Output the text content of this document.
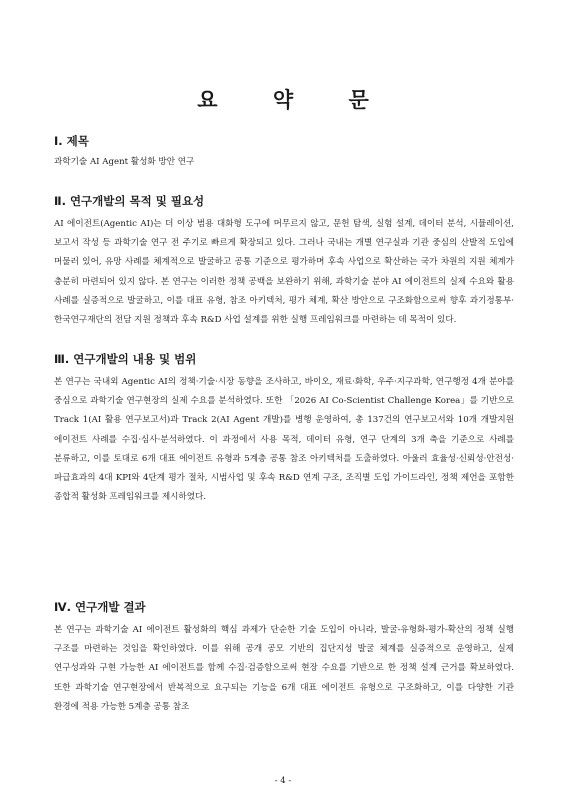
요 약 문

Ⅰ. 제목

과학기술 AI Agent 활성화 방안 연구

Ⅱ. 연구개발의 목적 및 필요성

AI 에이전트(Agentic AI)는 더 이상 범용 대화형 도구에 머무르지 않고, 문헌 탐색, 실험 설계, 데이터 분석, 시뮬레이션, 보고서 작성 등 과학기술 연구 전 주기로 빠르게 확장되고 있다. 그러나 국내는 개별 연구실과 기관 중심의 산발적 도입에 머물러 있어, 유망 사례를 체계적으로 발굴하고 공통 기준으로 평가하며 후속 사업으로 확산하는 국가 차원의 지원 체계가 충분히 마련되어 있지 않다. 본 연구는 이러한 정책 공백을 보완하기 위해, 과학기술 분야 AI 에이전트의 실제 수요와 활용 사례를 실증적으로 발굴하고, 이를 대표 유형, 참조 아키텍처, 평가 체계, 확산 방안으로 구조화함으로써 향후 과기정통부·한국연구재단의 전담 지원 정책과 후속 R&D 사업 설계를 위한 실행 프레임워크를 마련하는 데 목적이 있다.

Ⅲ. 연구개발의 내용 및 범위

본 연구는 국내외 Agentic AI의 정책·기술·시장 동향을 조사하고, 바이오, 재료·화학, 우주·지구과학, 연구행정 4개 분야를 중심으로 과학기술 연구현장의 실제 수요를 분석하였다. 또한 「2026 AI Co-Scientist Challenge Korea」를 기반으로 Track 1(AI 활용 연구보고서)과 Track 2(AI Agent 개발)를 병행 운영하여, 총 137건의 연구보고서와 10개 개발지원 에이전트 사례를 수집·심사·분석하였다. 이 과정에서 사용 목적, 데이터 유형, 연구 단계의 3개 축을 기준으로 사례를 분류하고, 이를 토대로 6개 대표 에이전트 유형과 5계층 공통 참조 아키텍처를 도출하였다. 아울러 효율성·신뢰성·안전성·파급효과의 4대 KPI와 4단계 평가 절차, 시범사업 및 후속 R&D 연계 구조, 조직별 도입 가이드라인, 정책 제언을 포함한 종합적 활성화 프레임워크를 제시하였다.

Ⅳ. 연구개발 결과

본 연구는 과학기술 AI 에이전트 활성화의 핵심 과제가 단순한 기술 도입이 아니라, 발굴-유형화-평가-확산의 정책 실행 구조를 마련하는 것임을 확인하였다. 이를 위해 공개 공모 기반의 집단지성 발굴 체계를 실증적으로 운영하고, 실제 연구성과와 구현 가능한 AI 에이전트를 함께 수집·검증함으로써 현장 수요를 기반으로 한 정책 설계 근거를 확보하였다. 또한 과학기술 연구현장에서 반복적으로 요구되는 기능을 6개 대표 에이전트 유형으로 구조화하고, 이를 다양한 기관 환경에 적용 가능한 5계층 공통 참조

- 4 -
